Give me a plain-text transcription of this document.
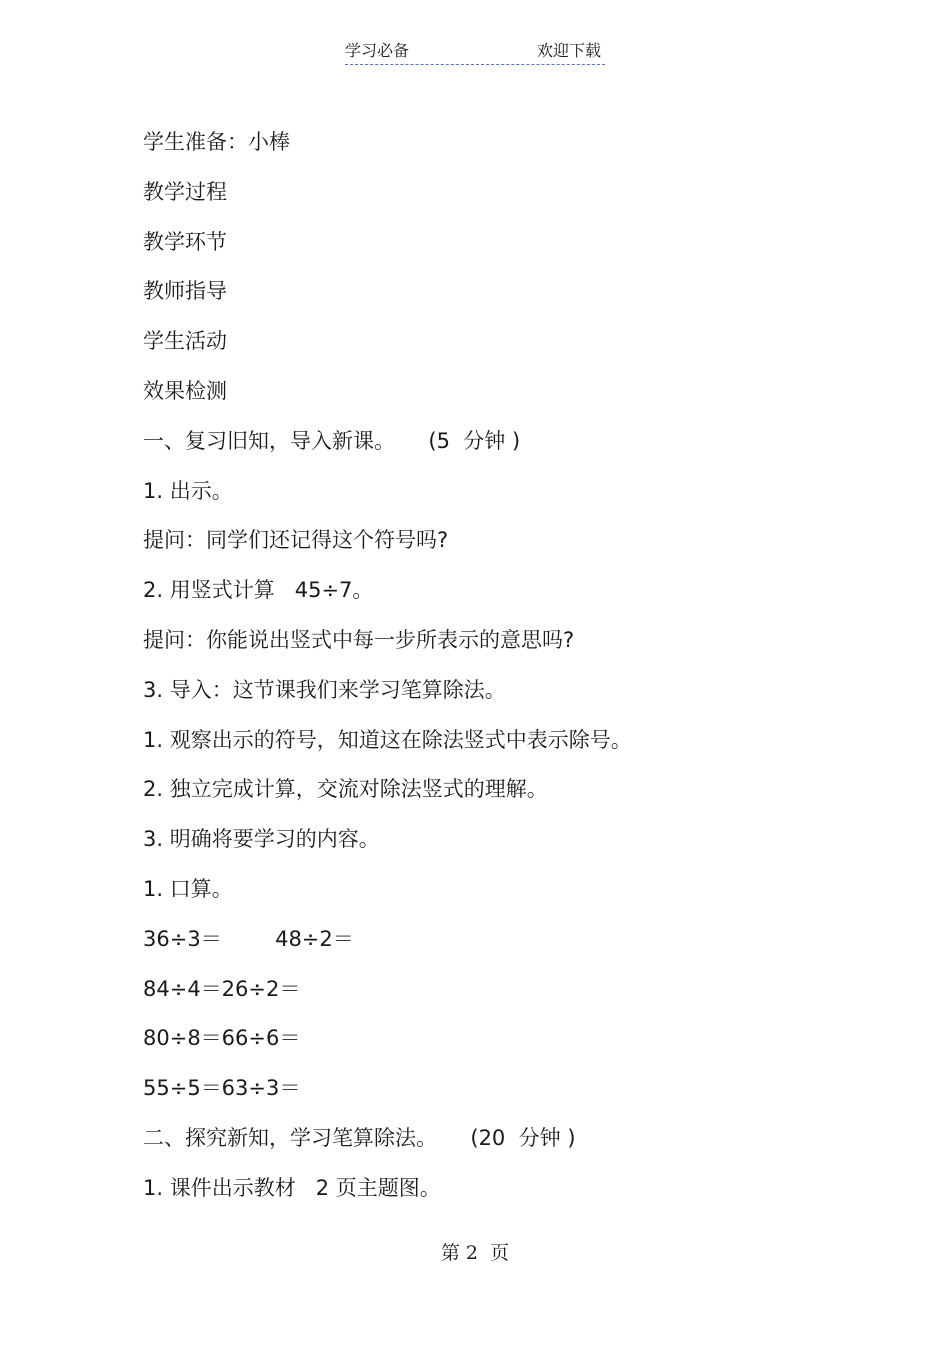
学习必备	欢迎下载
学生准备：小棒
教学过程
教学环节
教师指导
学生活动
效果检测
一、复习旧知，导入新课。     (5  分钟 )
1. 出示。
提问：同学们还记得这个符号吗?
2. 用竖式计算   45÷7。
提问：你能说出竖式中每一步所表示的意思吗?
3. 导入：这节课我们来学习笔算除法。
1. 观察出示的符号，知道这在除法竖式中表示除号。
2. 独立完成计算，交流对除法竖式的理解。
3. 明确将要学习的内容。
1. 口算。
36÷3＝        48÷2＝
84÷4＝26÷2＝
80÷8＝66÷6＝
55÷5＝63÷3＝
二、探究新知，学习笔算除法。     (20  分钟 )
1. 课件出示教材   2 页主题图。
第 2  页
